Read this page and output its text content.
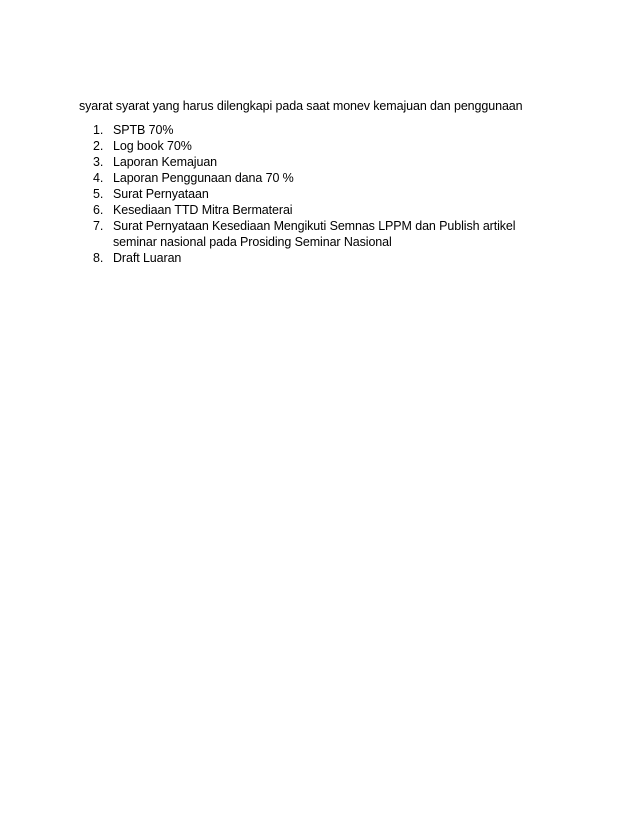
syarat syarat yang harus dilengkapi pada saat monev kemajuan dan penggunaan

1. SPTB 70%
2. Log book 70%
3. Laporan Kemajuan
4. Laporan Penggunaan dana 70 %
5. Surat Pernyataan
6. Kesediaan TTD Mitra Bermaterai
7. Surat Pernyataan Kesediaan Mengikuti Semnas LPPM dan Publish artikel seminar nasional pada Prosiding Seminar Nasional
8. Draft Luaran
